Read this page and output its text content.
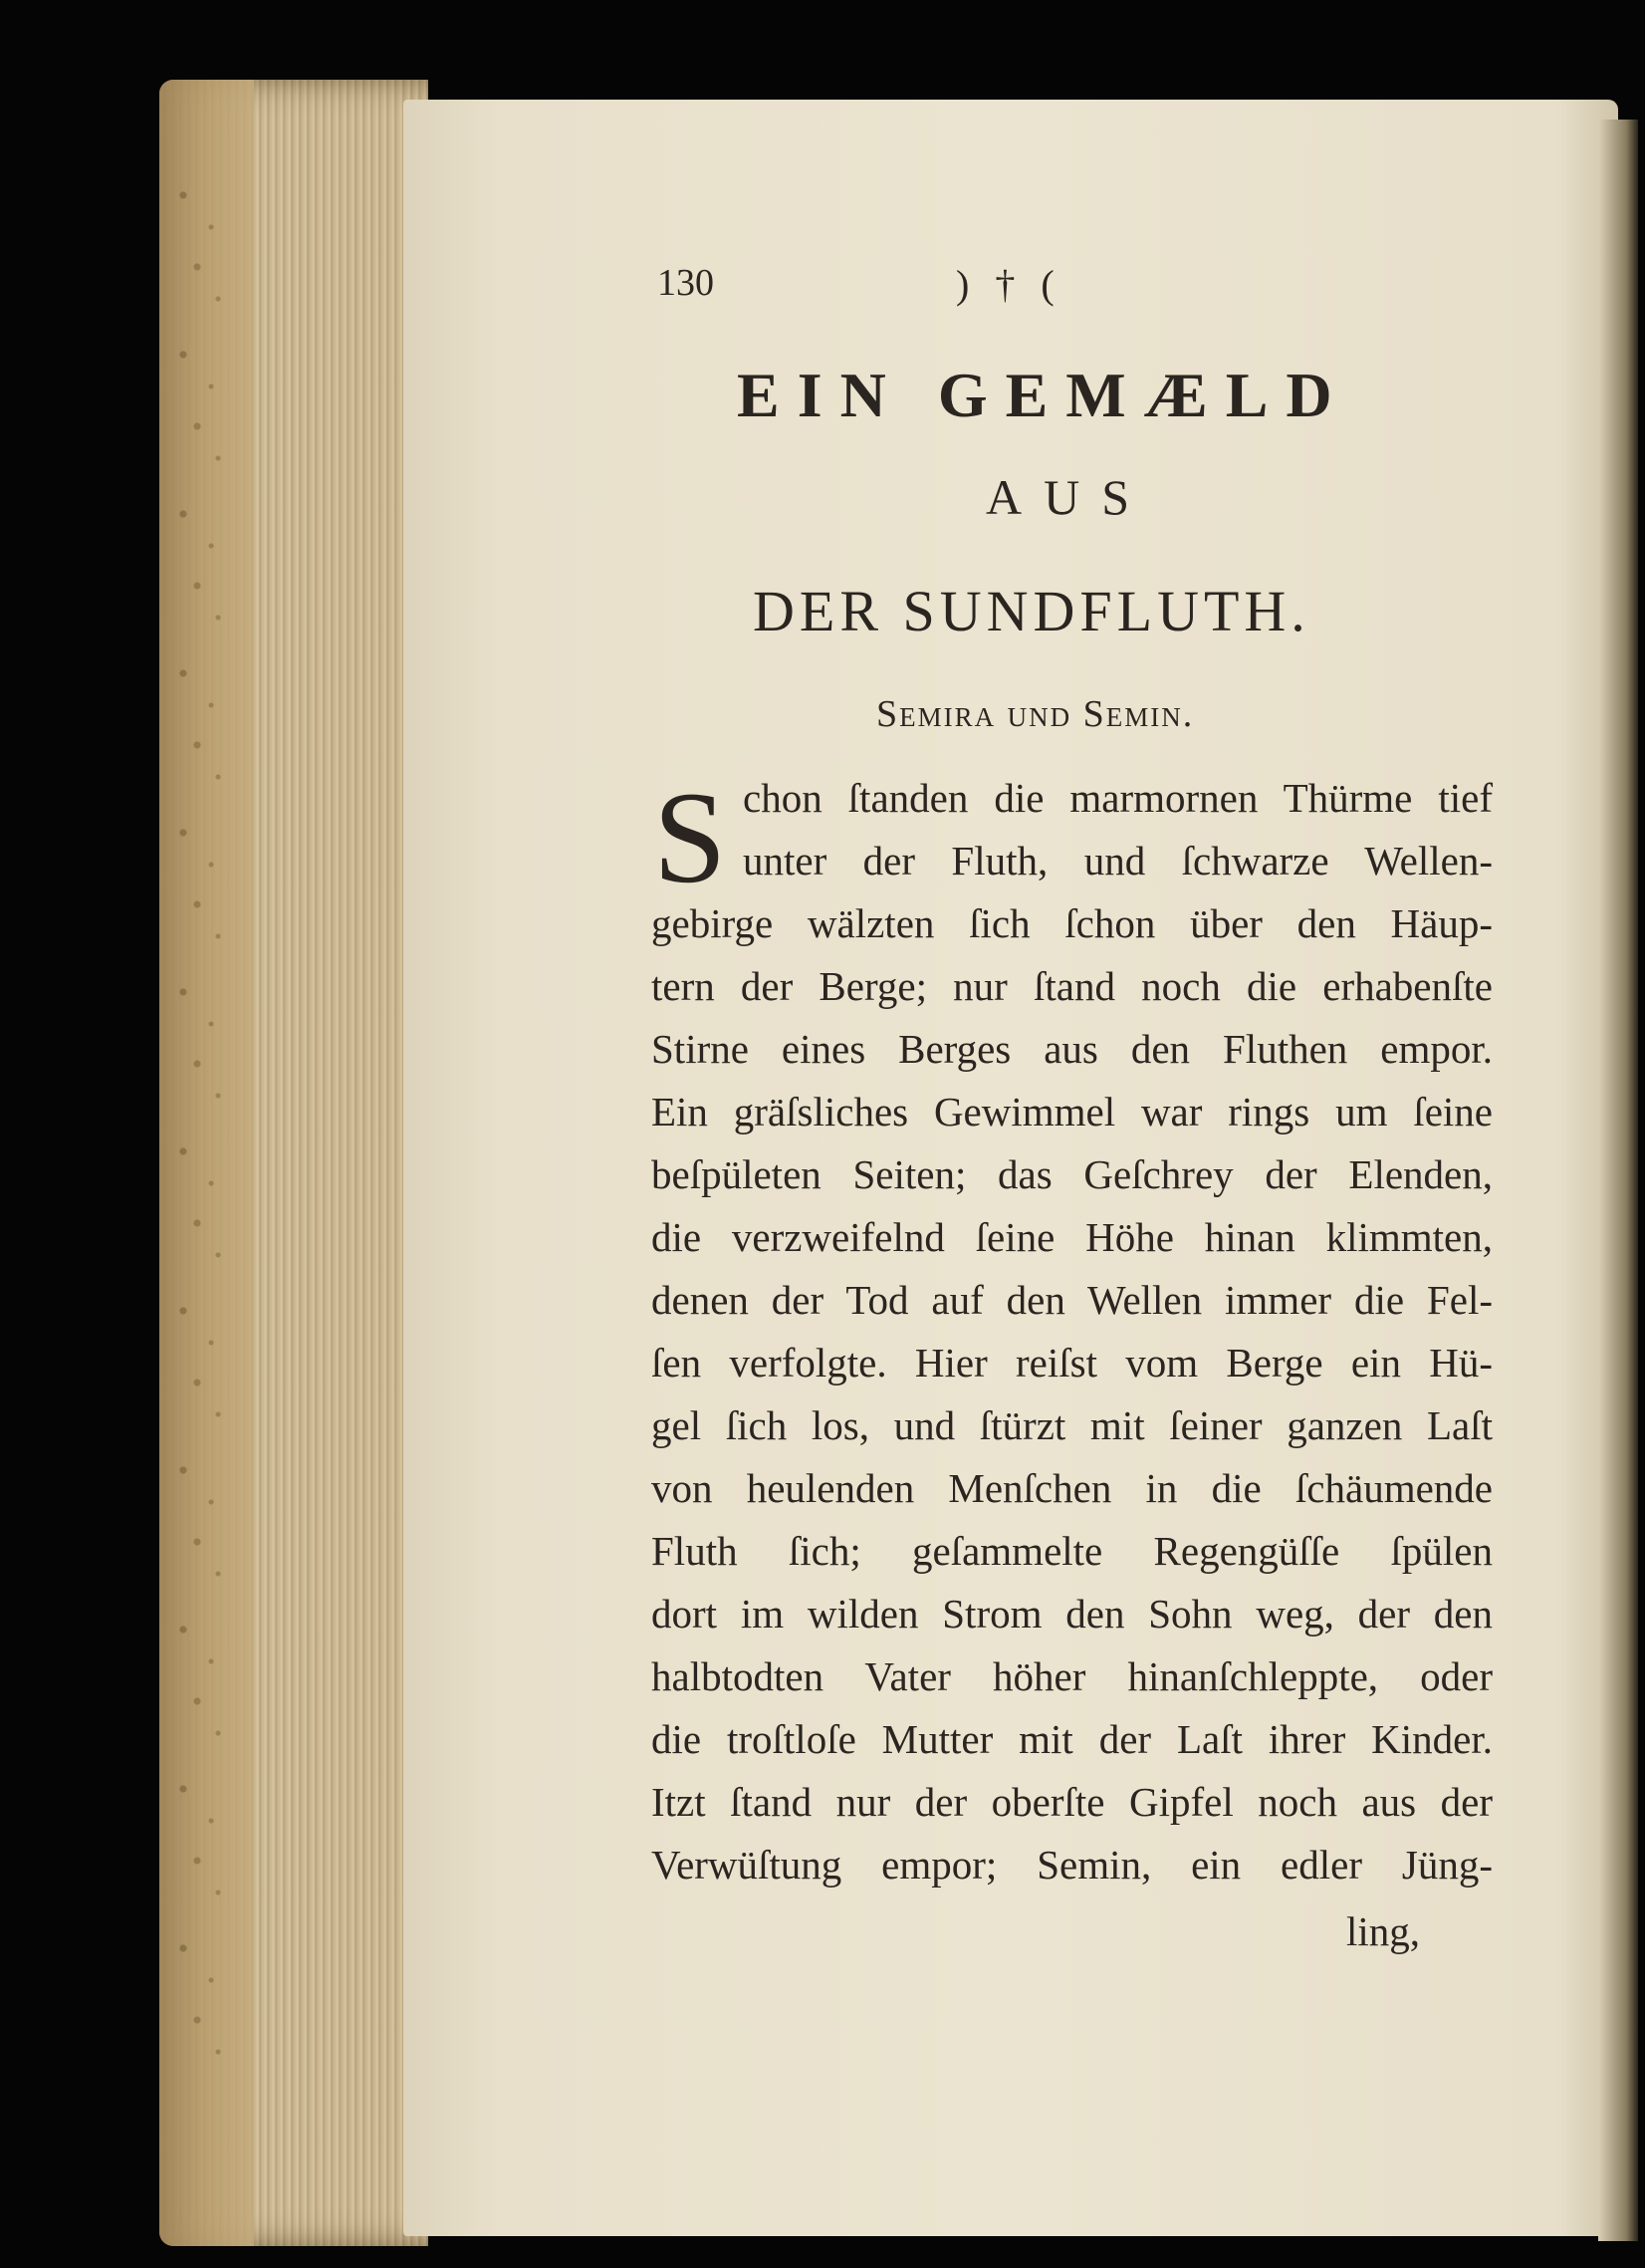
130	) † (
EIN GEMÆLD
AUS
DER SUNDFLUTH.
Semira und Semin.
S chon ſtanden die marmornen Thürme tief
unter der Fluth, und ſchwarze Wellen-
gebirge wälzten ſich ſchon über den Häup-
tern der Berge; nur ſtand noch die erhabenſte
Stirne eines Berges aus den Fluthen empor.
Ein gräſsliches Gewimmel war rings um ſeine
beſpületen Seiten; das Geſchrey der Elenden,
die verzweifelnd ſeine Höhe hinan klimmten,
denen der Tod auf den Wellen immer die Fel-
ſen verfolgte. Hier reiſst vom Berge ein Hü-
gel ſich los, und ſtürzt mit ſeiner ganzen Laſt
von heulenden Menſchen in die ſchäumende
Fluth ſich; geſammelte Regengüſſe ſpülen
dort im wilden Strom den Sohn weg, der den
halbtodten Vater höher hinanſchleppte, oder
die troſtloſe Mutter mit der Laſt ihrer Kinder.
Itzt ſtand nur der oberſte Gipfel noch aus der
Verwüſtung empor; Semin, ein edler Jüng-
ling,
